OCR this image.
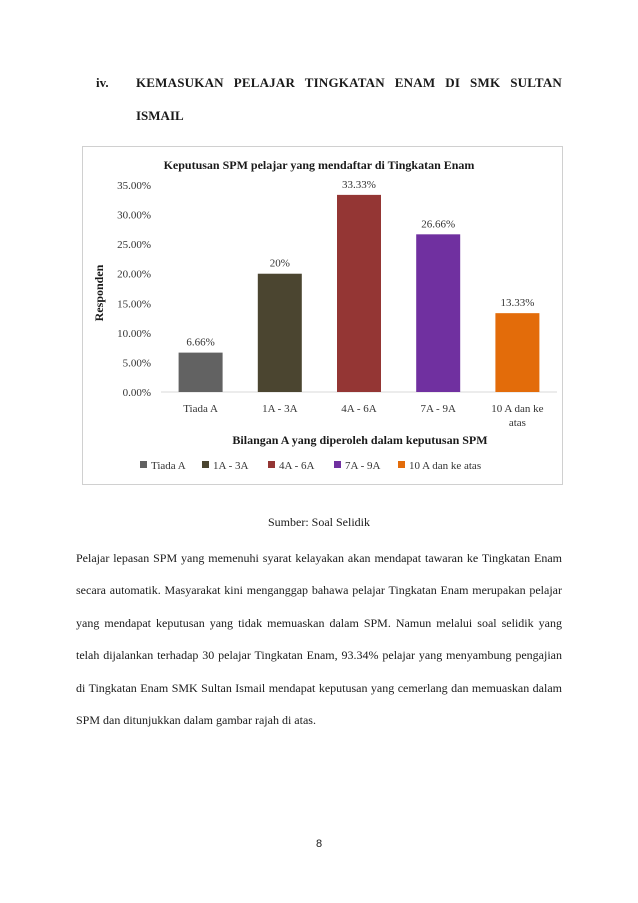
iv. KEMASUKAN PELAJAR TINGKATAN ENAM DI SMK SULTAN
ISMAIL
Keputusan SPM pelajar yang mendaftar di Tingkatan Enam
Responden
Bilangan A yang diperoleh dalam keputusan SPM
0.00%
5.00%
10.00%
15.00%
20.00%
25.00%
30.00%
35.00%
6.66%
20%
33.33%
26.66%
13.33%
Tiada A	1A - 3A	4A - 6A	7A - 9A	10 A dan ke
atas
Tiada A 1A - 3A	4A - 6A	7A - 9A	10 A dan ke atas
Sumber: Soal Selidik

Pelajar lepasan SPM yang memenuhi syarat kelayakan akan mendapat tawaran ke Tingkatan Enam secara automatik. Masyarakat kini menganggap bahawa pelajar Tingkatan Enam merupakan pelajar yang mendapat keputusan yang tidak memuaskan dalam SPM. Namun melalui soal selidik yang telah dijalankan terhadap 30 pelajar Tingkatan Enam, 93.34% pelajar yang menyambung pengajian di Tingkatan Enam SMK Sultan Ismail mendapat keputusan yang cemerlang dan memuaskan dalam SPM dan ditunjukkan dalam gambar rajah di atas.

8
